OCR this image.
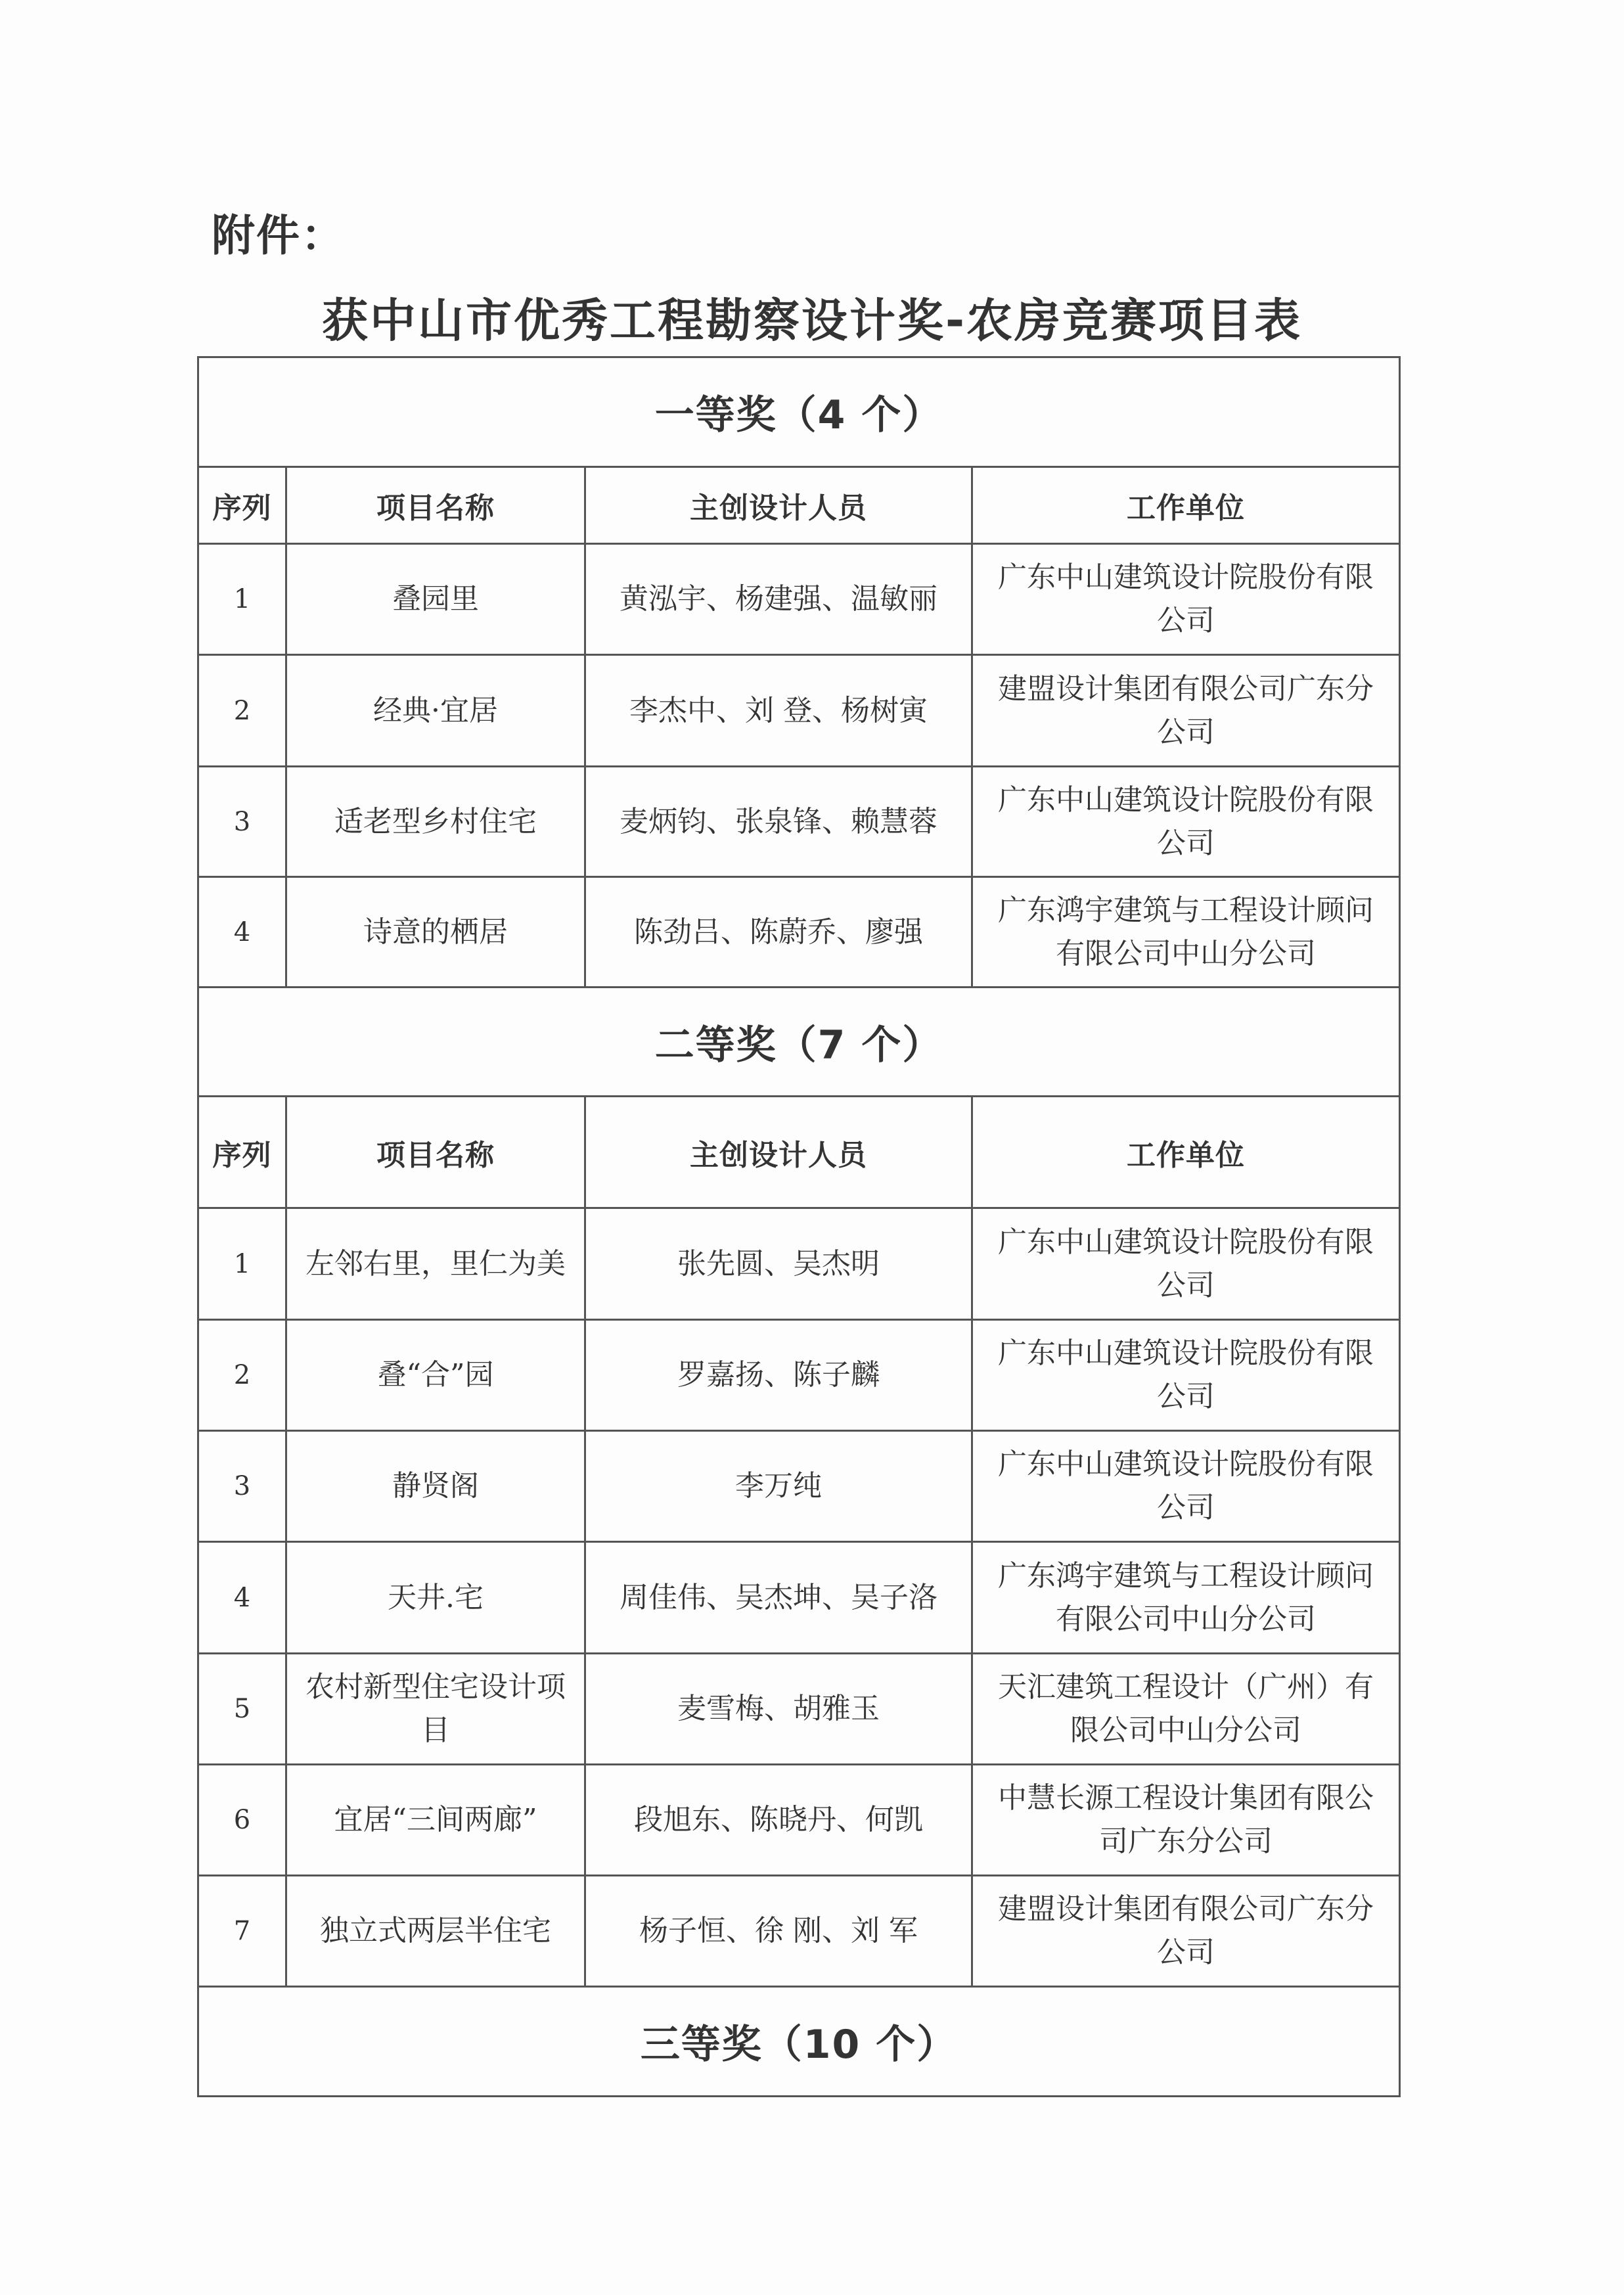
附件：
获中山市优秀工程勘察设计奖-农房竞赛项目表
一等奖（4 个）			
序列	项目名称	主创设计人员	工作单位
1	叠园里	黄泓宇、杨建强、温敏丽	广东中山建筑设计院股份有限公司
2	经典·宜居	李杰中、刘 登、杨树寅	建盟设计集团有限公司广东分公司
3	适老型乡村住宅	麦炳钧、张泉锋、赖慧蓉	广东中山建筑设计院股份有限公司
4	诗意的栖居	陈劲吕、陈蔚乔、廖强	广东鸿宇建筑与工程设计顾问有限公司中山分公司
二等奖（7 个）			
序列	项目名称	主创设计人员	工作单位
1	左邻右里，里仁为美	张先圆、吴杰明	广东中山建筑设计院股份有限公司
2	叠“合”园	罗嘉扬、陈子麟	广东中山建筑设计院股份有限公司
3	静贤阁	李万纯	广东中山建筑设计院股份有限公司
4	天井.宅	周佳伟、吴杰坤、吴子洛	广东鸿宇建筑与工程设计顾问有限公司中山分公司
5	农村新型住宅设计项目	麦雪梅、胡雅玉	天汇建筑工程设计（广州）有限公司中山分公司
6	宜居“三间两廊”	段旭东、陈晓丹、何凯	中慧长源工程设计集团有限公司广东分公司
7	独立式两层半住宅	杨子恒、徐 刚、刘 军	建盟设计集团有限公司广东分公司
三等奖（10 个）			
